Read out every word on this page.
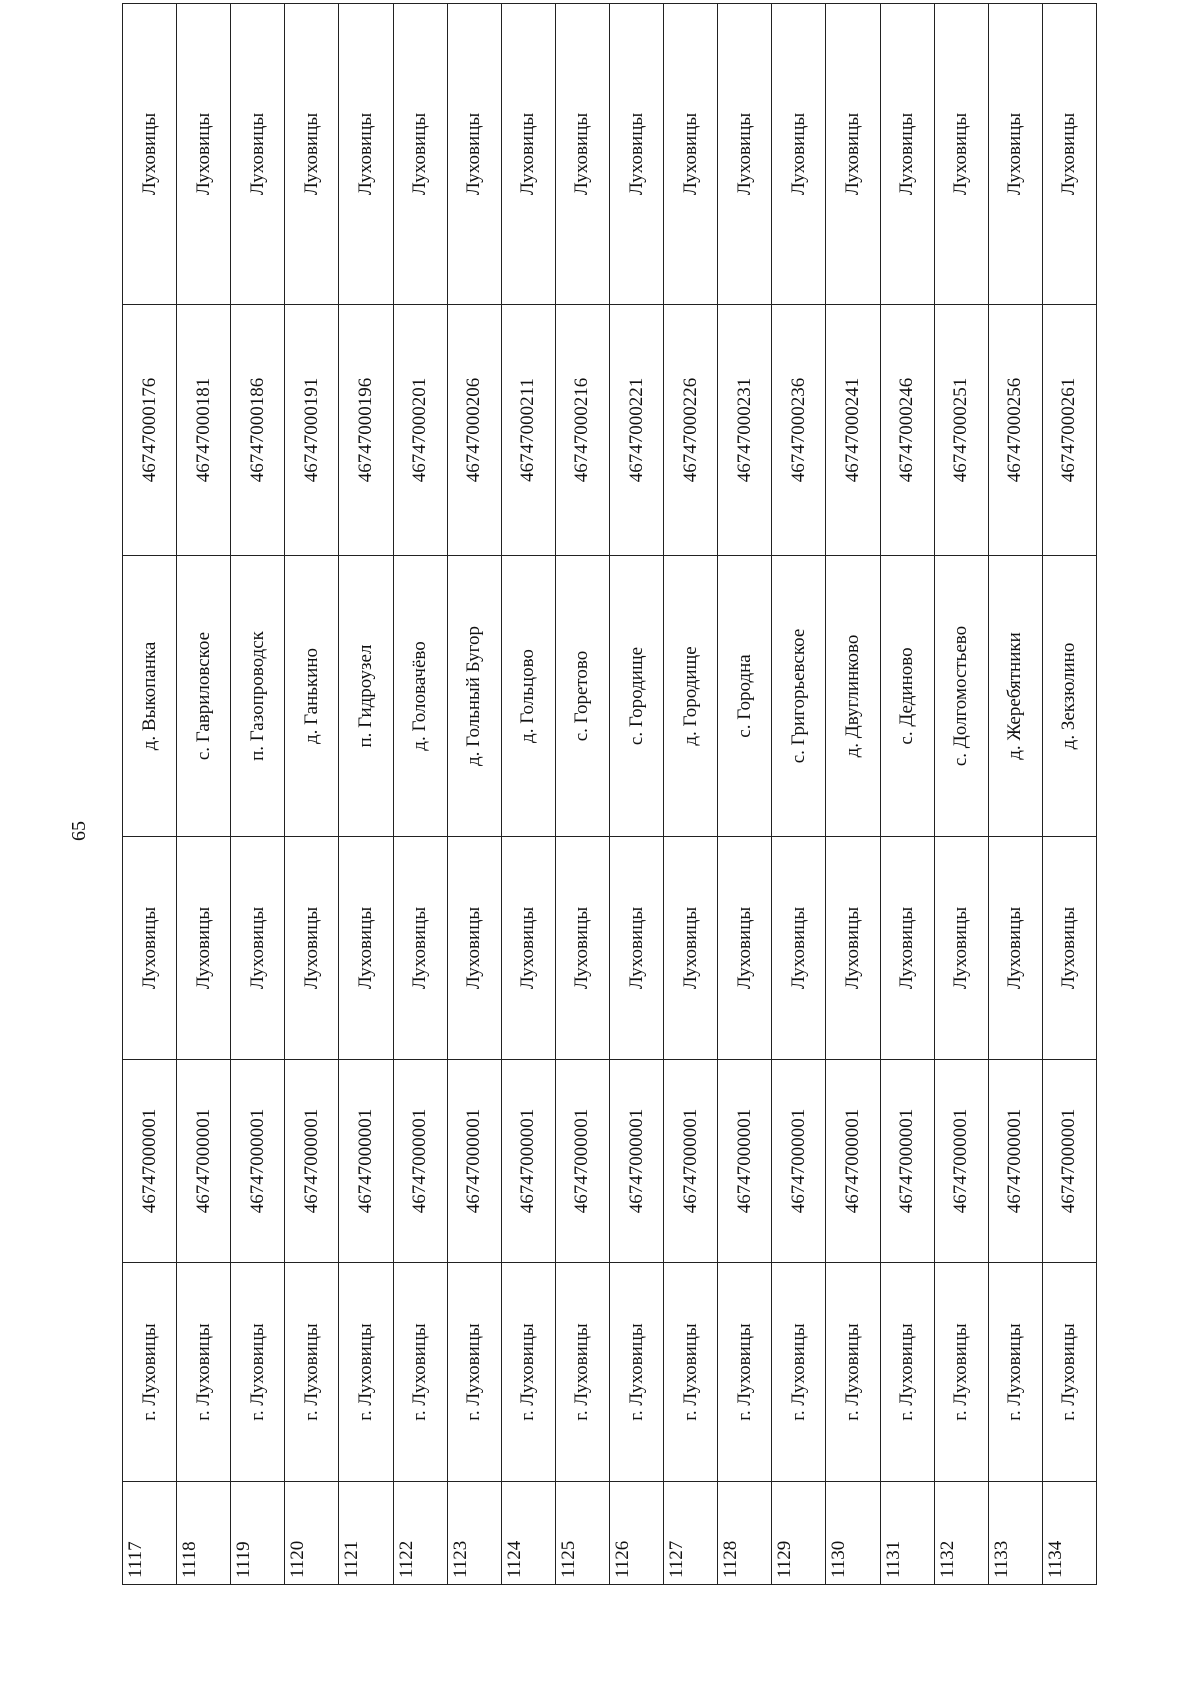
65
1117	г. Луховицы	46747000001	Луховицы	д. Выкопанка	46747000176	Луховицы
1118	г. Луховицы	46747000001	Луховицы	с. Гавриловское	46747000181	Луховицы
1119	г. Луховицы	46747000001	Луховицы	п. Газопроводск	46747000186	Луховицы
1120	г. Луховицы	46747000001	Луховицы	д. Ганькино	46747000191	Луховицы
1121	г. Луховицы	46747000001	Луховицы	п. Гидроузел	46747000196	Луховицы
1122	г. Луховицы	46747000001	Луховицы	д. Головачёво	46747000201	Луховицы
1123	г. Луховицы	46747000001	Луховицы	д. Гольный Бугор	46747000206	Луховицы
1124	г. Луховицы	46747000001	Луховицы	д. Гольцово	46747000211	Луховицы
1125	г. Луховицы	46747000001	Луховицы	с. Горетово	46747000216	Луховицы
1126	г. Луховицы	46747000001	Луховицы	с. Городище	46747000221	Луховицы
1127	г. Луховицы	46747000001	Луховицы	д. Городище	46747000226	Луховицы
1128	г. Луховицы	46747000001	Луховицы	с. Городна	46747000231	Луховицы
1129	г. Луховицы	46747000001	Луховицы	с. Григорьевское	46747000236	Луховицы
1130	г. Луховицы	46747000001	Луховицы	д. Двуглинково	46747000241	Луховицы
1131	г. Луховицы	46747000001	Луховицы	с. Дединово	46747000246	Луховицы
1132	г. Луховицы	46747000001	Луховицы	с. Долгомостьево	46747000251	Луховицы
1133	г. Луховицы	46747000001	Луховицы	д. Жеребятники	46747000256	Луховицы
1134	г. Луховицы	46747000001	Луховицы	д. Зекзюлино	46747000261	Луховицы
